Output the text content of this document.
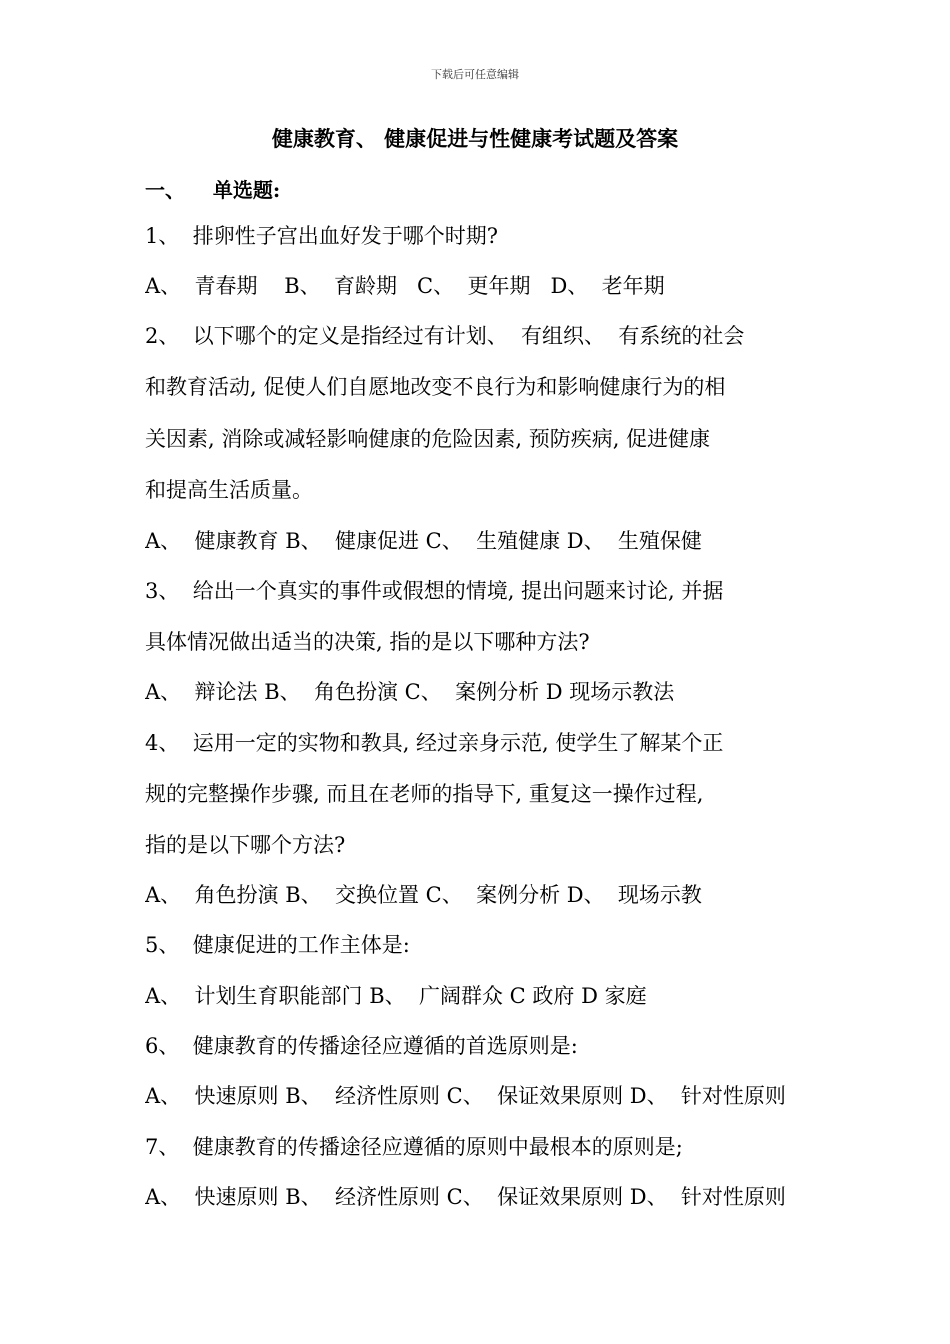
下载后可任意编辑
健康教育、 健康促进与性健康考试题及答案
一、    单选题:
1、  排卵性子宫出血好发于哪个时期?
A、  青春期    B、  育龄期   C、  更年期   D、  老年期
2、  以下哪个的定义是指经过有计划、  有组织、  有系统的社会
和教育活动, 促使人们自愿地改变不良行为和影响健康行为的相
关因素, 消除或减轻影响健康的危险因素, 预防疾病, 促进健康
和提高生活质量。
A、  健康教育 B、  健康促进 C、  生殖健康 D、  生殖保健
3、  给出一个真实的事件或假想的情境, 提出问题来讨论, 并据
具体情况做出适当的决策, 指的是以下哪种方法?
A、  辩论法 B、  角色扮演 C、  案例分析 D 现场示教法
4、  运用一定的实物和教具, 经过亲身示范, 使学生了解某个正
规的完整操作步骤, 而且在老师的指导下, 重复这一操作过程,
指的是以下哪个方法?
A、  角色扮演 B、  交换位置 C、  案例分析 D、  现场示教
5、  健康促进的工作主体是:
A、  计划生育职能部门 B、  广阔群众 C 政府 D 家庭
6、  健康教育的传播途径应遵循的首选原则是:
A、  快速原则 B、  经济性原则 C、  保证效果原则 D、  针对性原则
7、  健康教育的传播途径应遵循的原则中最根本的原则是;
A、  快速原则 B、  经济性原则 C、  保证效果原则 D、  针对性原则
